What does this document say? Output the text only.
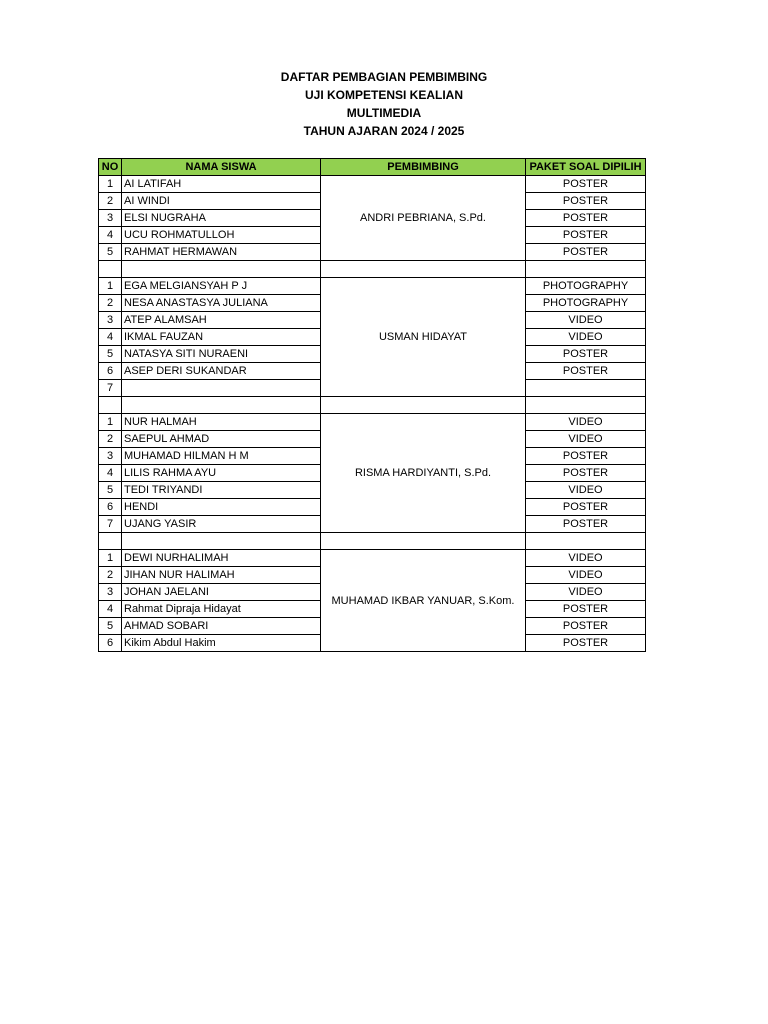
DAFTAR PEMBAGIAN PEMBIMBING
UJI KOMPETENSI KEALIAN
MULTIMEDIA
TAHUN AJARAN 2024 / 2025
NO	NAMA SISWA	PEMBIMBING	PAKET SOAL DIPILIH
1	AI LATIFAH	ANDRI PEBRIANA, S.Pd.	POSTER
2	AI WINDI		POSTER
3	ELSI NUGRAHA		POSTER
4	UCU ROHMATULLOH		POSTER
5	RAHMAT HERMAWAN		POSTER

1	EGA MELGIANSYAH P J	USMAN HIDAYAT	PHOTOGRAPHY
2	NESA ANASTASYA JULIANA		PHOTOGRAPHY
3	ATEP ALAMSAH		VIDEO
4	IKMAL FAUZAN		VIDEO
5	NATASYA SITI NURAENI		POSTER
6	ASEP DERI SUKANDAR		POSTER
7			

1	NUR HALMAH	RISMA HARDIYANTI, S.Pd.	VIDEO
2	SAEPUL AHMAD		VIDEO
3	MUHAMAD HILMAN H M		POSTER
4	LILIS RAHMA AYU		POSTER
5	TEDI TRIYANDI		VIDEO
6	HENDI		POSTER
7	UJANG YASIR		POSTER

1	DEWI NURHALIMAH	MUHAMAD IKBAR YANUAR, S.Kom.	VIDEO
2	JIHAN NUR HALIMAH		VIDEO
3	JOHAN JAELANI		VIDEO
4	Rahmat Dipraja Hidayat		POSTER
5	AHMAD SOBARI		POSTER
6	Kikim Abdul Hakim		POSTER
